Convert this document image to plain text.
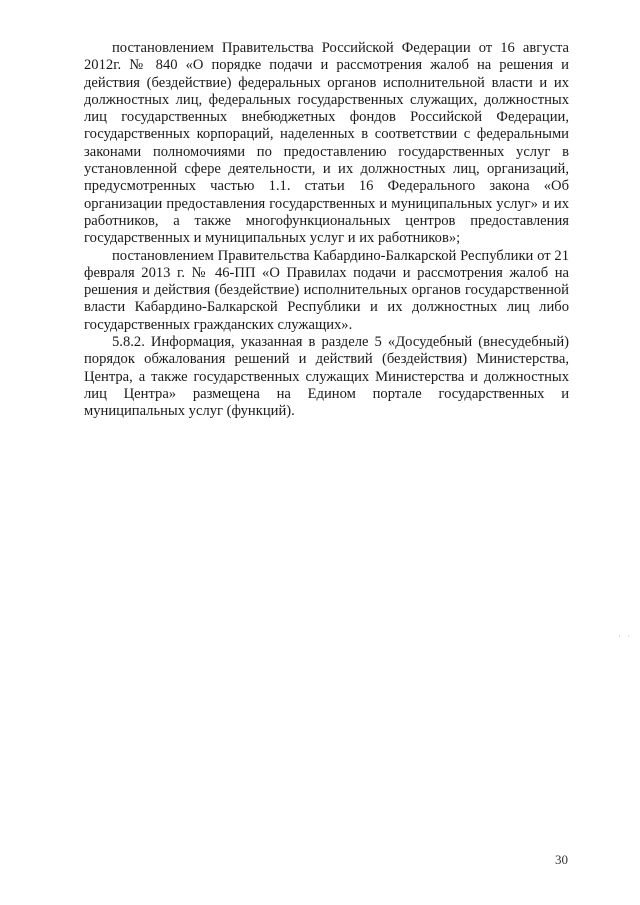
постановлением Правительства Российской Федерации от 16 августа 2012г. № 840 «О порядке подачи и рассмотрения жалоб на решения и действия (бездействие) федеральных органов исполнительной власти и их должностных лиц, федеральных государственных служащих, должностных лиц государственных внебюджетных фондов Российской Федерации, государственных корпораций, наделенных в соответствии с федеральными законами полномочиями по предоставлению государственных услуг в установленной сфере деятельности, и их должностных лиц, организаций, предусмотренных частью 1.1. статьи 16 Федерального закона «Об организации предоставления государственных и муниципальных услуг» и их работников, а также многофункциональных центров предоставления государственных и муниципальных услуг и их работников»;

постановлением Правительства Кабардино-Балкарской Республики от 21 февраля 2013 г. № 46-ПП «О Правилах подачи и рассмотрения жалоб на решения и действия (бездействие) исполнительных органов государственной власти Кабардино-Балкарской Республики и их должностных лиц либо государственных гражданских служащих».

5.8.2. Информация, указанная в разделе 5 «Досудебный (внесудебный) порядок обжалования решений и действий (бездействия) Министерства, Центра, а также государственных служащих Министерства и должностных лиц Центра» размещена на Едином портале государственных и муниципальных услуг (функций).

30
· ·
